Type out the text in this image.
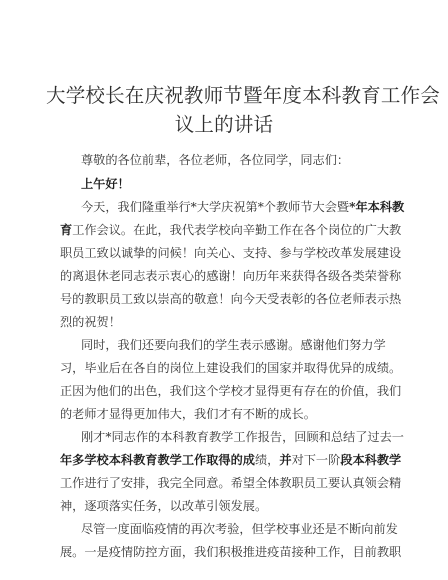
大学校长在庆祝教师节暨年度本科教育工作会
议上的讲话
尊敬的各位前辈，各位老师，各位同学，同志们：
上午好！
今天，我们隆重举行*大学庆祝第*个教师节大会暨*年本科教
育工作会议。在此，我代表学校向辛勤工作在各个岗位的广大教
职员工致以诚挚的问候！向关心、支持、参与学校改革发展建设
的离退休老同志表示衷心的感谢！向历年来获得各级各类荣誉称
号的教职员工致以崇高的敬意！向今天受表彰的各位老师表示热
烈的祝贺！
同时，我们还要向我们的学生表示感谢。感谢他们努力学
习，毕业后在各自的岗位上建设我们的国家并取得优异的成绩。
正因为他们的出色，我们这个学校才显得更有存在的价值，我们
的老师才显得更加伟大，我们才有不断的成长。
刚才*同志作的本科教育教学工作报告，回顾和总结了过去一
年多学校本科教育教学工作取得的成绩，并对下一阶段本科教学
工作进行了安排，我完全同意。希望全体教职员工要认真领会精
神，逐项落实任务，以改革引领发展。
尽管一度面临疫情的再次考验，但学校事业还是不断向前发
展。一是疫情防控方面，我们积极推进疫苗接种工作，目前教职
